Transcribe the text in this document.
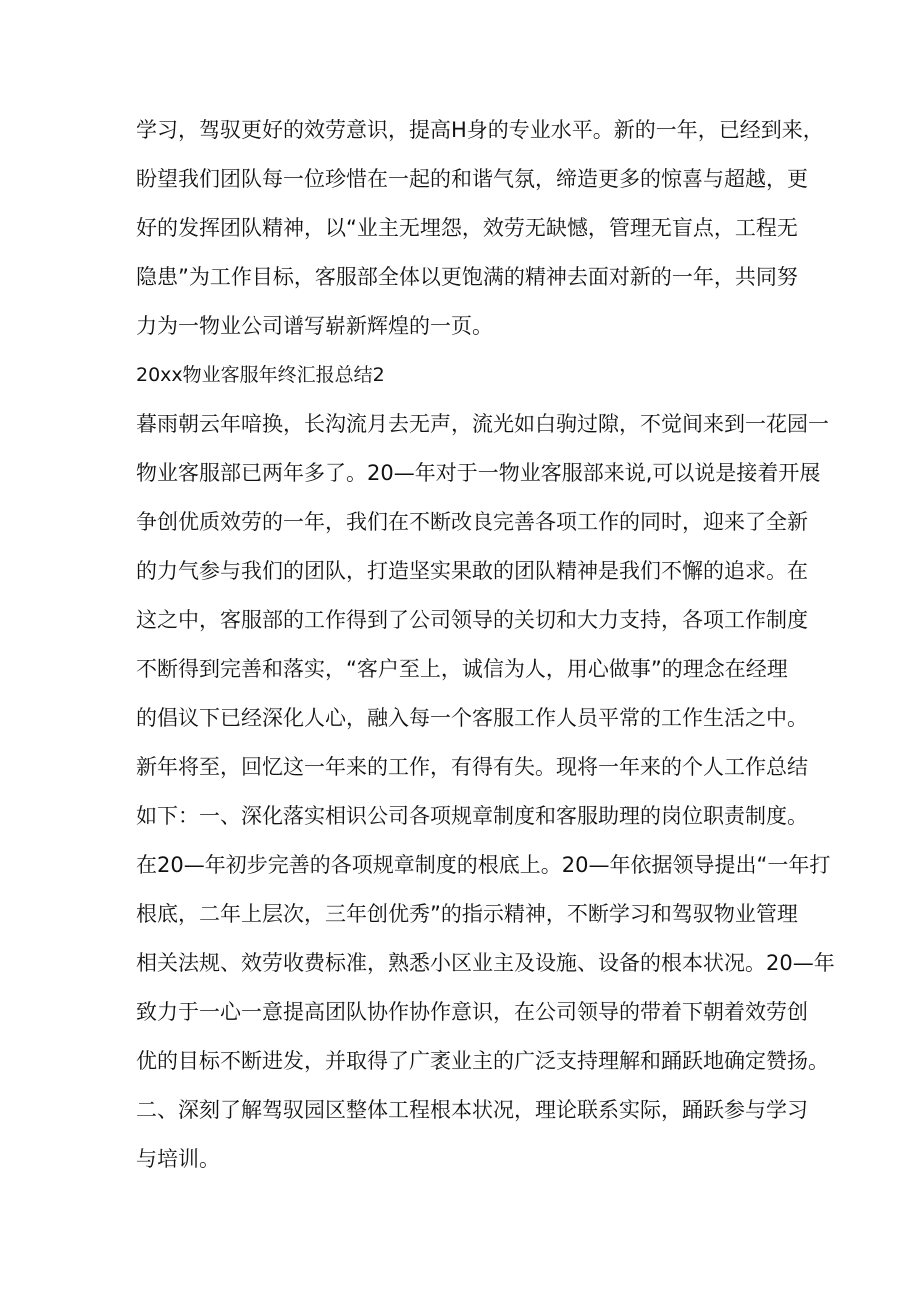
学习，驾驭更好的效劳意识，提高H身的专业水平。新的一年，已经到来，

盼望我们团队每一位珍惜在一起的和谐气氛，缔造更多的惊喜与超越，更

好的发挥团队精神，以“业主无埋怨，效劳无缺憾，管理无盲点，工程无

隐患”为工作目标，客服部全体以更饱满的精神去面对新的一年，共同努

力为一物业公司谱写崭新辉煌的一页。

20xx物业客服年终汇报总结2

暮雨朝云年喑换，长沟流月去无声，流光如白驹过隙，不觉间来到一花园一

物业客服部已两年多了。20—年对于一物业客服部来说,可以说是接着开展

争创优质效劳的一年，我们在不断改良完善各项工作的同时，迎来了全新

的力气参与我们的团队，打造坚实果敢的团队精神是我们不懈的追求。在

这之中，客服部的工作得到了公司领导的关切和大力支持，各项工作制度

不断得到完善和落实，“客户至上，诚信为人，用心做事”的理念在经理

的倡议下已经深化人心，融入每一个客服工作人员平常的工作生活之中。

新年将至，回忆这一年来的工作，有得有失。现将一年来的个人工作总结

如下：一、深化落实相识公司各项规章制度和客服助理的岗位职责制度。

在20—年初步完善的各项规章制度的根底上。20—年依据领导提出“一年打

根底，二年上层次，三年创优秀”的指示精神，不断学习和驾驭物业管理

相关法规、效劳收费标准，熟悉小区业主及设施、设备的根本状况。20—年

致力于一心一意提高团队协作协作意识，在公司领导的带着下朝着效劳创

优的目标不断进发，并取得了广袤业主的广泛支持理解和踊跃地确定赞扬。

二、深刻了解驾驭园区整体工程根本状况，理论联系实际，踊跃参与学习

与培训。
